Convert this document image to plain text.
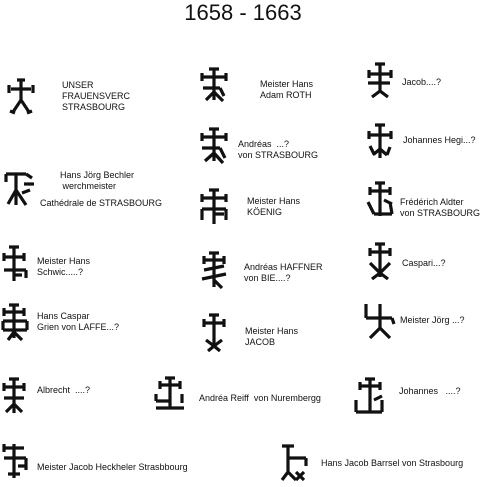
1658 - 1663
UNSER
FRAUENSVERC
STRASBOURG
Meister Hans
Adam ROTH
Jacob....?
Andréas  ...?
von STRASBOURG
Johannes Hegi...?
Hans Jörg Bechler
werchmeister
Cathédrale de STRASBOURG	Meister Hans
KÖENIG
Frédérich Aldter
von STRASBOURG
Meister Hans
Schwic.....?	Andréas HAFFNER
von BIE....?
Caspari...?
Hans Caspar
Grien von LAFFE...?	Meister Hans
JACOB
Meister Jörg ...?
Albrecht  ....?
Andréa Reiff  von Nurembergg
Johannes   ....?
Meister Jacob Heckheler Strasbbourg	Hans Jacob Barrsel von Strasbourg
